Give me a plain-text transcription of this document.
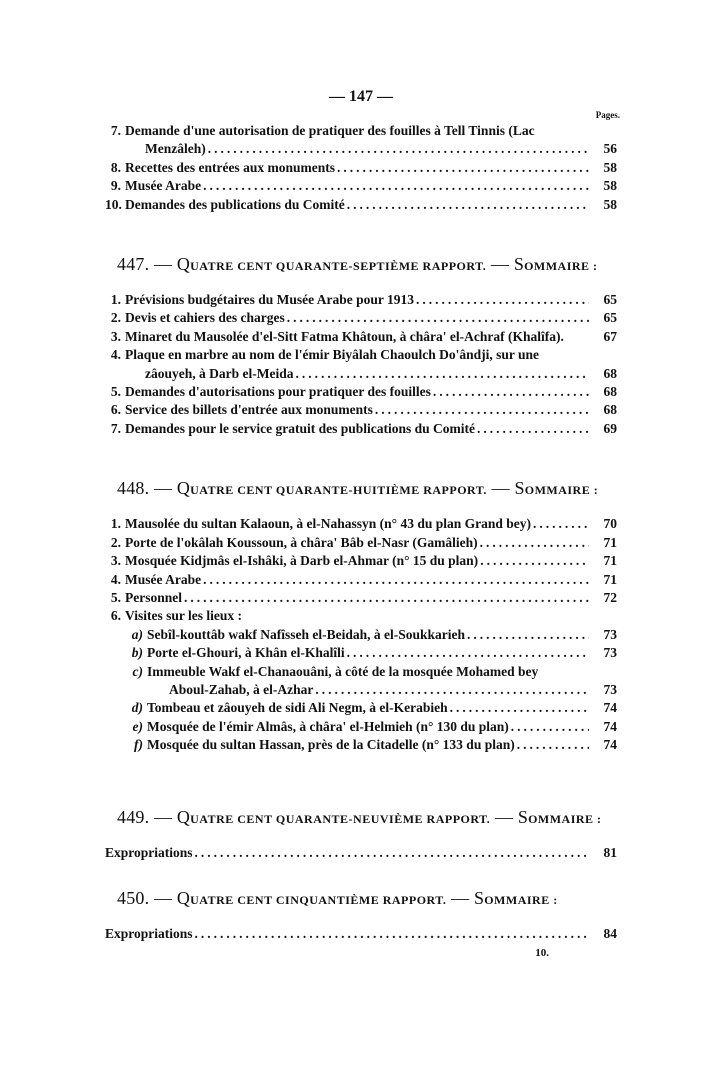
— 147 —
Pages.
7. Demande d'une autorisation de pratiquer des fouilles à Tell Tinnis (Lac
Menzâleh) .....	56
8. Recettes des entrées aux monuments .....	58
9. Musée Arabe .....	58
10. Demandes des publications du Comité .....	58
447. — QUATRE CENT QUARANTE-SEPTIÈME RAPPORT. — SOMMAIRE :
1. Prévisions budgétaires du Musée Arabe pour 1913 .....	65
2. Devis et cahiers des charges .....	65
3. Minaret du Mausolée d'el-Sitt Fatma Khâtoun, à châra' el-Achraf (Khalîfa).	67
4. Plaque en marbre au nom de l'émir Biyâlah Chaoulch Do'ândji, sur une
zâouyeh, à Darb el-Meida .....	68
5. Demandes d'autorisations pour pratiquer des fouilles .....	68
6. Service des billets d'entrée aux monuments .....	68
7. Demandes pour le service gratuit des publications du Comité .....	69
448. — QUATRE CENT QUARANTE-HUITIÈME RAPPORT. — SOMMAIRE :
1. Mausolée du sultan Kalaoun, à el-Nahassyn (n° 43 du plan Grand bey) .....	70
2. Porte de l'okâlah Koussoun, à chârа' Bâb el-Nasr (Gamâlieh) .....	71
3. Mosquée Kidjmâs el-Ishâki, à Darb el-Ahmar (n° 15 du plan) .....	71
4. Musée Arabe .....	71
5. Personnel .....	72
6. Visites sur les lieux :
a) Sebîl-kouttâb wakf Nafîsseh el-Beidah, à el-Soukkarieh .....	73
b) Porte el-Ghouri, à Khân el-Khalîli .....	73
c) Immeuble Wakf el-Chanaouâni, à côté de la mosquée Mohamed bey
Aboul-Zahab, à el-Azhar .....	73
d) Tombeau et zâouyeh de sidi Ali Negm, à el-Kerabieh .....	74
e) Mosquée de l'émir Almâs, à chârа' el-Helmieh (n° 130 du plan) .....	74
f) Mosquée du sultan Hassan, près de la Citadelle (n° 133 du plan) .....	74
449. — QUATRE CENT QUARANTE-NEUVIÈME RAPPORT. — SOMMAIRE :
Expropriations .....	81
450. — QUATRE CENT CINQUANTIÈME RAPPORT. — SOMMAIRE :
Expropriations .....	84
10.
